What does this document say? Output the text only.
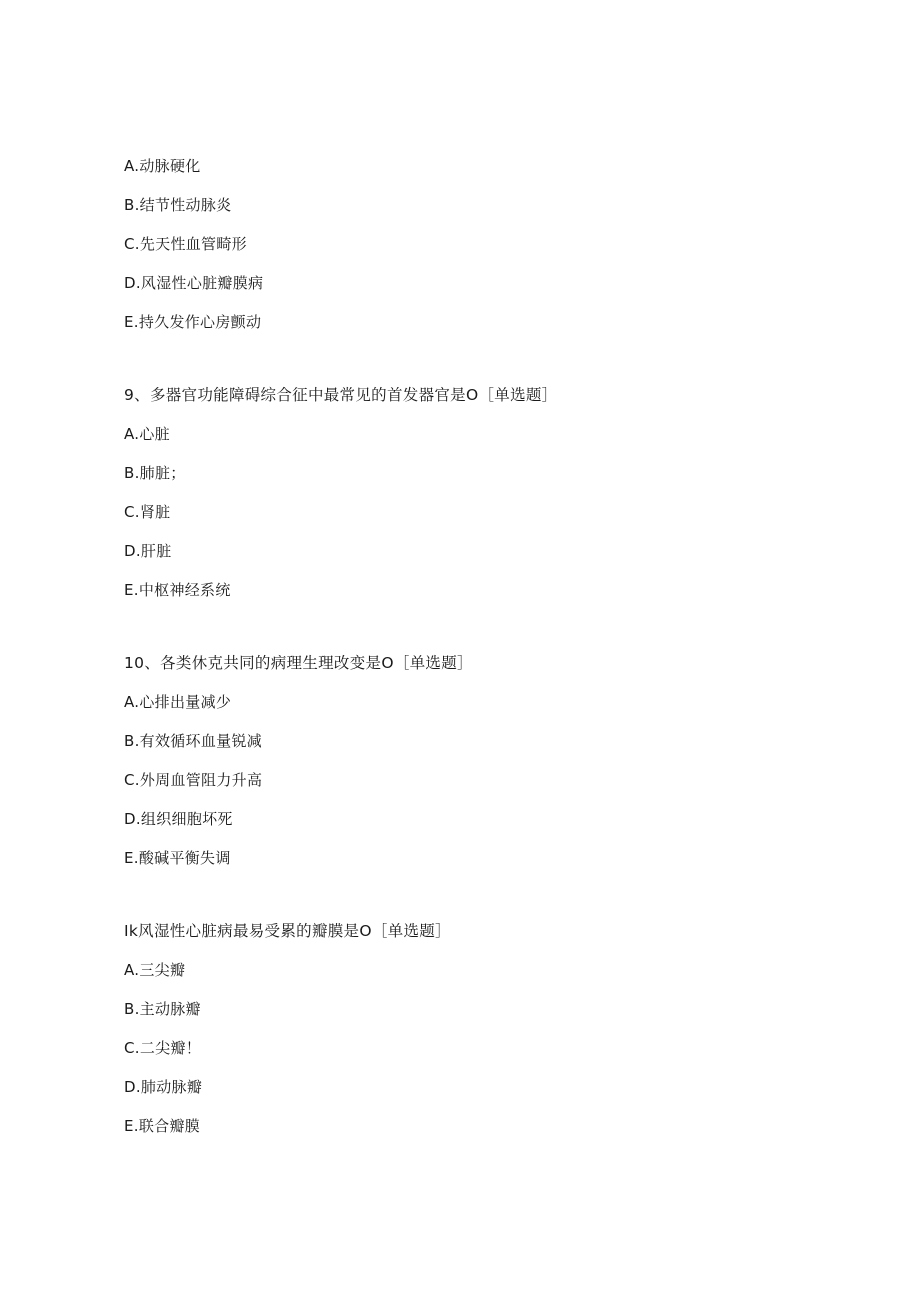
A.动脉硬化
B.结节性动脉炎
C.先天性血管畸形
D.风湿性心脏瓣膜病
E.持久发作心房颤动
9、多器官功能障碍综合征中最常见的首发器官是O［单选题］
A.心脏
B.肺脏；
C.肾脏
D.肝脏
E.中枢神经系统
10、各类休克共同的病理生理改变是O［单选题］
A.心排出量减少
B.有效循环血量锐减
C.外周血管阻力升高
D.组织细胞坏死
E.酸碱平衡失调
Ik风湿性心脏病最易受累的瓣膜是O［单选题］
A.三尖瓣
B.主动脉瓣
C.二尖瓣！
D.肺动脉瓣
E.联合瓣膜
